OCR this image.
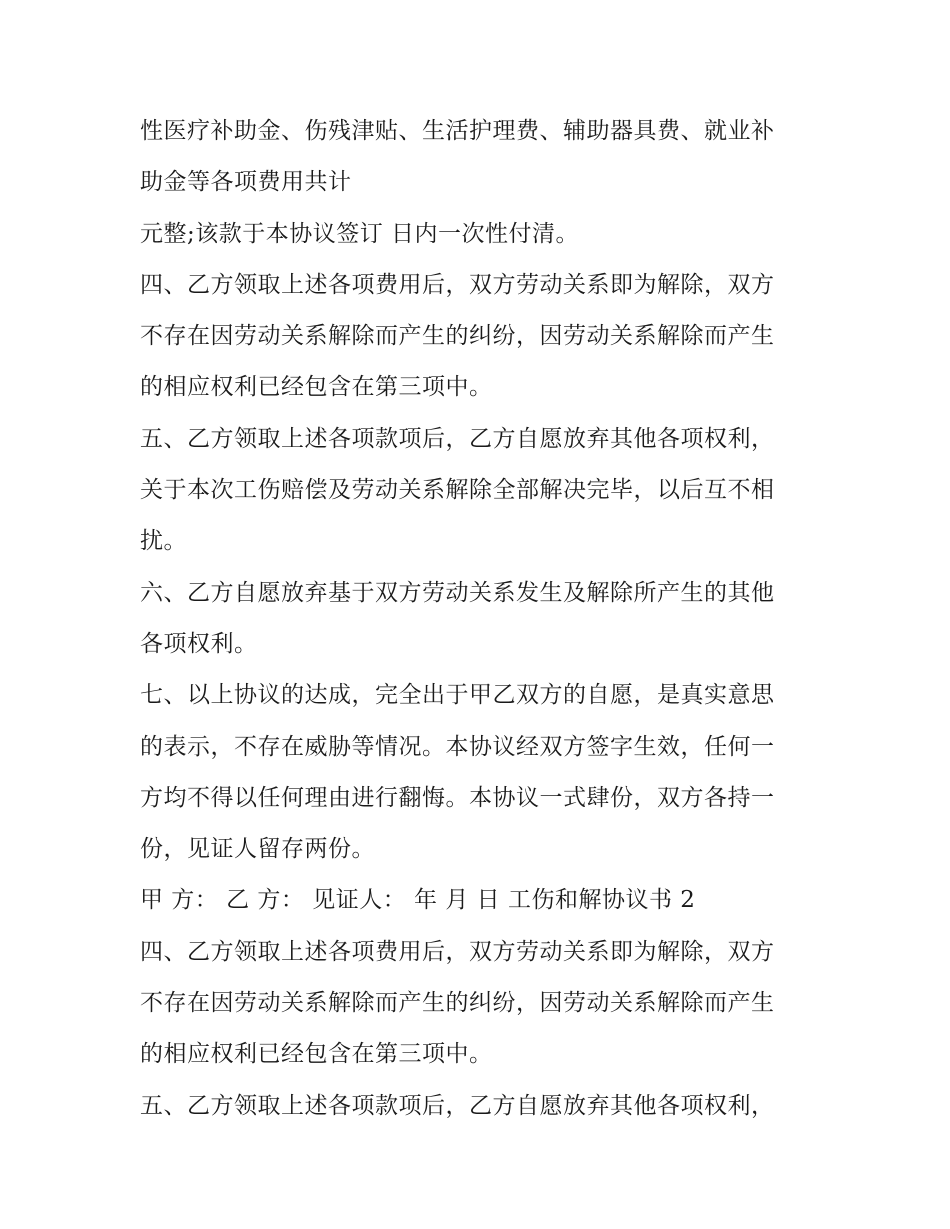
性医疗补助金、伤残津贴、生活护理费、辅助器具费、就业补
助金等各项费用共计
元整;该款于本协议签订 日内一次性付清。
四、乙方领取上述各项费用后，双方劳动关系即为解除，双方
不存在因劳动关系解除而产生的纠纷，因劳动关系解除而产生
的相应权利已经包含在第三项中。
五、乙方领取上述各项款项后，乙方自愿放弃其他各项权利，
关于本次工伤赔偿及劳动关系解除全部解决完毕，以后互不相
扰。
六、乙方自愿放弃基于双方劳动关系发生及解除所产生的其他
各项权利。
七、以上协议的达成，完全出于甲乙双方的自愿，是真实意思
的表示，不存在威胁等情况。本协议经双方签字生效，任何一
方均不得以任何理由进行翻悔。本协议一式肆份，双方各持一
份，见证人留存两份。
甲 方： 乙 方： 见证人： 年 月 日 工伤和解协议书 2
四、乙方领取上述各项费用后，双方劳动关系即为解除，双方
不存在因劳动关系解除而产生的纠纷，因劳动关系解除而产生
的相应权利已经包含在第三项中。
五、乙方领取上述各项款项后，乙方自愿放弃其他各项权利，
